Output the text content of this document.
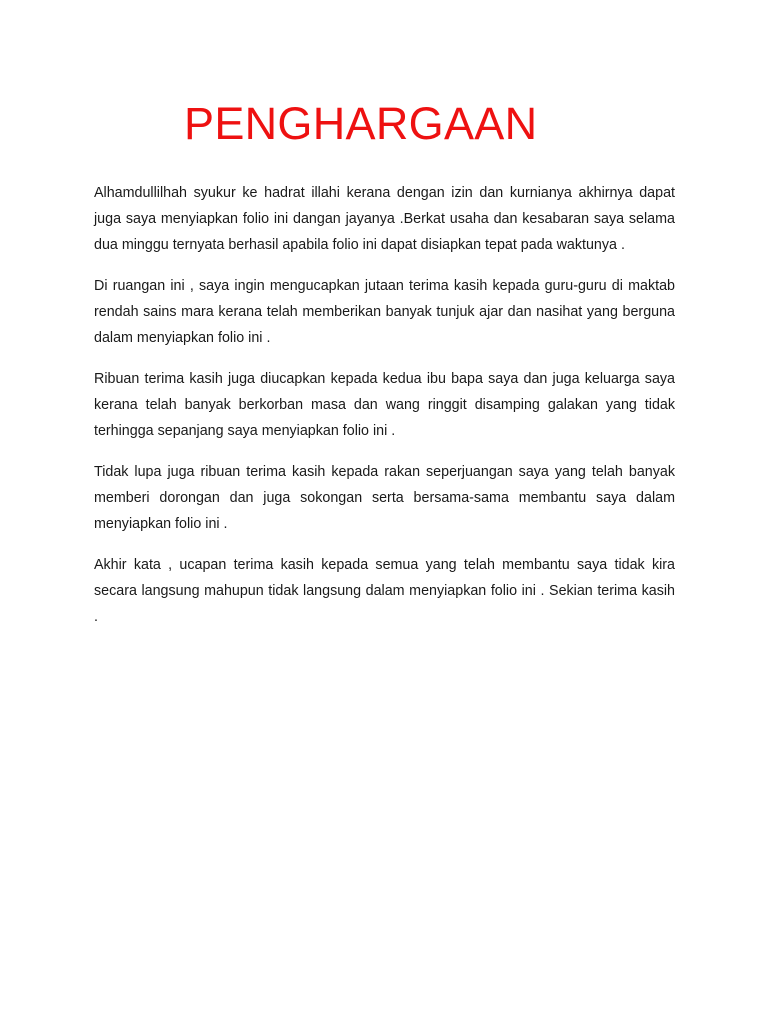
PENGHARGAAN

Alhamdullilhah syukur ke hadrat illahi kerana dengan izin dan kurnianya akhirnya dapat juga saya menyiapkan folio ini dangan jayanya .Berkat usaha dan kesabaran saya selama dua minggu ternyata berhasil apabila folio ini dapat disiapkan tepat pada waktunya .

Di ruangan ini , saya ingin mengucapkan jutaan terima kasih kepada guru-guru di maktab rendah sains mara kerana telah memberikan banyak tunjuk ajar dan nasihat yang berguna dalam menyiapkan folio ini .

Ribuan terima kasih juga diucapkan kepada kedua ibu bapa saya dan juga keluarga saya kerana telah banyak berkorban masa dan wang ringgit disamping galakan yang tidak terhingga sepanjang saya menyiapkan folio ini .

Tidak lupa juga ribuan terima kasih kepada rakan seperjuangan saya yang telah banyak memberi dorongan dan juga sokongan serta bersama-sama membantu saya dalam menyiapkan folio ini .

Akhir kata , ucapan terima kasih kepada semua yang telah membantu saya tidak kira secara langsung mahupun tidak langsung dalam menyiapkan folio ini . Sekian terima kasih .
